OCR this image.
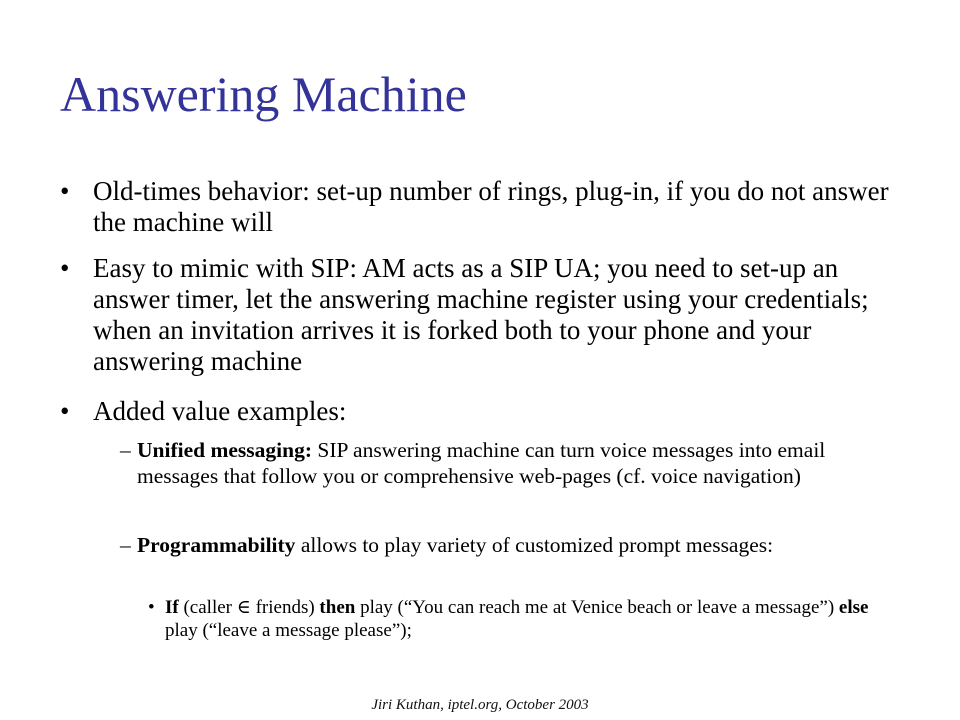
Answering Machine
• Old-times behavior: set-up number of rings, plug-in, if you do not answer the machine will
• Easy to mimic with SIP: AM acts as a SIP UA; you need to set-up an answer timer, let the answering machine register using your credentials; when an invitation arrives it is forked both to your phone and your answering machine
• Added value examples:
– Unified messaging: SIP answering machine can turn voice messages into email messages that follow you or comprehensive web-pages (cf. voice navigation)
– Programmability allows to play variety of customized prompt messages:
• If (caller ∈ friends) then play (“You can reach me at Venice beach or leave a message”) else play (“leave a message please”);
Jiri Kuthan, iptel.org, October 2003
